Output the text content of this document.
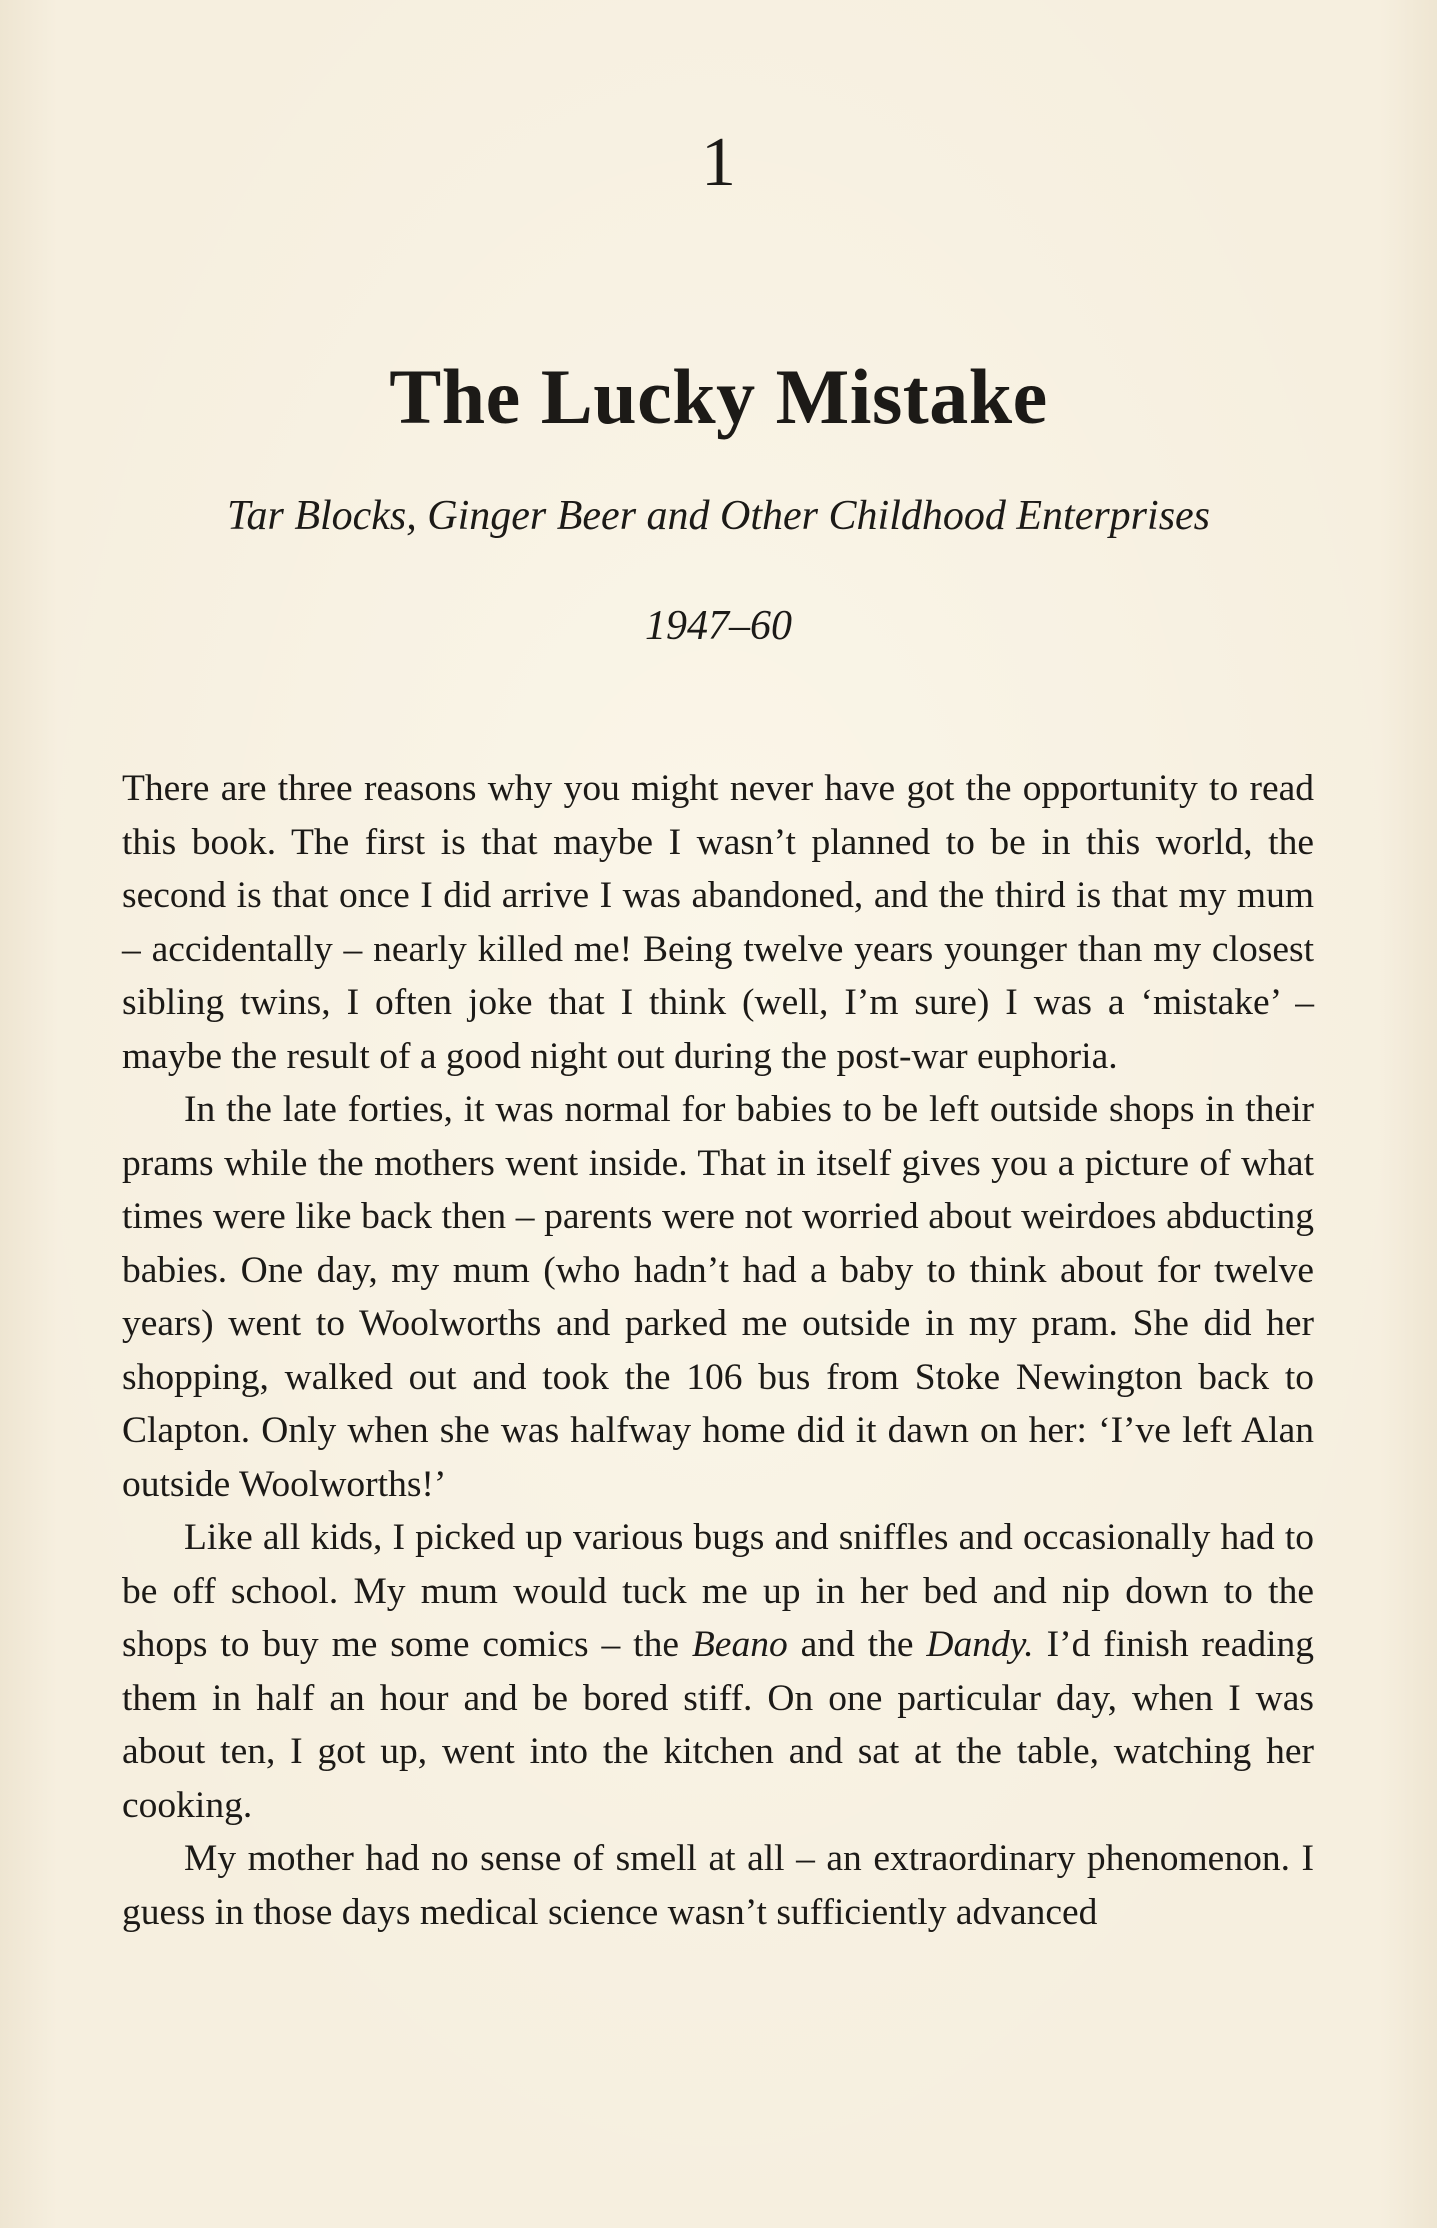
1
The Lucky Mistake
Tar Blocks, Ginger Beer and Other Childhood Enterprises
1947–60

There are three reasons why you might never have got the opportunity to read this book. The first is that maybe I wasn’t planned to be in this world, the second is that once I did arrive I was abandoned, and the third is that my mum – accidentally – nearly killed me! Being twelve years younger than my closest sibling twins, I often joke that I think (well, I’m sure) I was a ‘mistake’ – maybe the result of a good night out during the post-war euphoria.

In the late forties, it was normal for babies to be left outside shops in their prams while the mothers went inside. That in itself gives you a picture of what times were like back then – parents were not worried about weirdoes abducting babies. One day, my mum (who hadn’t had a baby to think about for twelve years) went to Woolworths and parked me outside in my pram. She did her shopping, walked out and took the 106 bus from Stoke Newington back to Clapton. Only when she was halfway home did it dawn on her: ‘I’ve left Alan outside Woolworths!’

Like all kids, I picked up various bugs and sniffles and occasionally had to be off school. My mum would tuck me up in her bed and nip down to the shops to buy me some comics – the Beano and the Dandy. I’d finish reading them in half an hour and be bored stiff. On one particular day, when I was about ten, I got up, went into the kitchen and sat at the table, watching her cooking.

My mother had no sense of smell at all – an extraordinary phenomenon. I guess in those days medical science wasn’t sufficiently advanced
